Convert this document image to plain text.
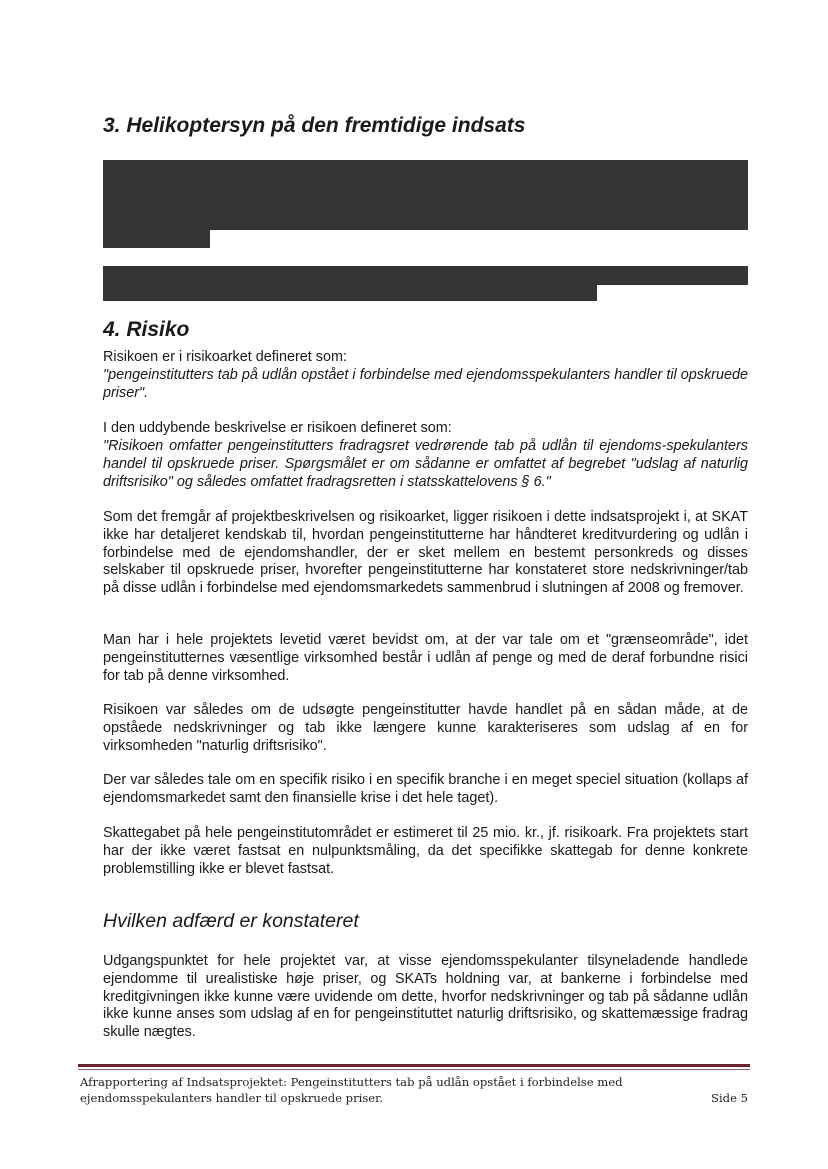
3. Helikoptersyn på den fremtidige indsats
4. Risiko

Risikoen er i risikoarket defineret som:

"pengeinstitutters tab på udlån opstået i forbindelse med ejendomsspekulanters handler til opskruede priser".

I den uddybende beskrivelse er risikoen defineret som:

"Risikoen omfatter pengeinstitutters fradragsret vedrørende tab på udlån til ejendoms-spekulanters handel til opskruede priser. Spørgsmålet er om sådanne er omfattet af begrebet "udslag af naturlig driftsrisiko" og således omfattet fradragsretten i statsskattelovens § 6."

Som det fremgår af projektbeskrivelsen og risikoarket, ligger risikoen i dette indsatsprojekt i, at SKAT ikke har detaljeret kendskab til, hvordan pengeinstitutterne har håndteret kreditvurdering og udlån i forbindelse med de ejendomshandler, der er sket mellem en bestemt personkreds og disses selskaber til opskruede priser, hvorefter pengeinstitutterne har konstateret store nedskrivninger/tab på disse udlån i forbindelse med ejendomsmarkedets sammenbrud i slutningen af 2008 og fremover.

Man har i hele projektets levetid været bevidst om, at der var tale om et "grænseområde", idet pengeinstitutternes væsentlige virksomhed består i udlån af penge og med de deraf forbundne risici for tab på denne virksomhed.

Risikoen var således om de udsøgte pengeinstitutter havde handlet på en sådan måde, at de opståede nedskrivninger og tab ikke længere kunne karakteriseres som udslag af en for virksomheden "naturlig driftsrisiko".

Der var således tale om en specifik risiko i en specifik branche i en meget speciel situation (kollaps af ejendomsmarkedet samt den finansielle krise i det hele taget).

Skattegabet på hele pengeinstitutområdet er estimeret til 25 mio. kr., jf. risikoark. Fra projektets start har der ikke været fastsat en nulpunktsmåling, da det specifikke skattegab for denne konkrete problemstilling ikke er blevet fastsat.

Hvilken adfærd er konstateret

Udgangspunktet for hele projektet var, at visse ejendomsspekulanter tilsyneladende handlede ejendomme til urealistiske høje priser, og SKATs holdning var, at bankerne i forbindelse med kreditgivningen ikke kunne være uvidende om dette, hvorfor nedskrivninger og tab på sådanne udlån ikke kunne anses som udslag af en for pengeinstituttet naturlig driftsrisiko, og skattemæssige fradrag skulle nægtes.

Afrapportering af Indsatsprojektet: Pengeinstitutters tab på udlån opstået i forbindelse med
ejendomsspekulanters handler til opskruede priser.	Side 5
